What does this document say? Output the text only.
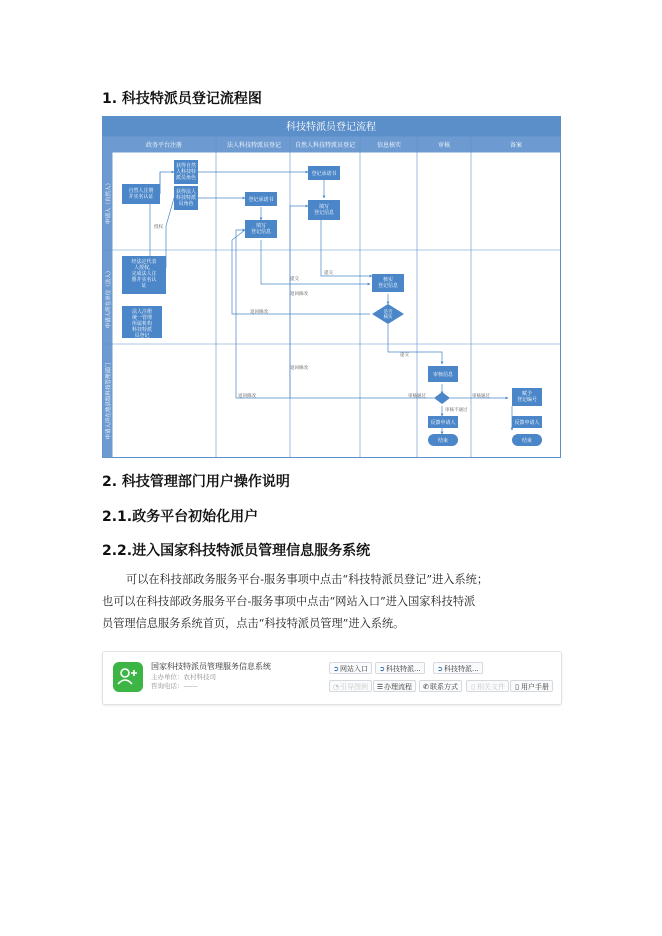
1. 科技特派员登记流程图
科技特派员登记流程
政务平台注册	法人科技特派员登记 自然人科技特派员登记	信息核实	审核	备案
申请人（自然人）
申请人所在单位（法人）
申请人所在地县级科技管理部门
自然人注册并实名认证
获得自然人科技特派员角色
获得法人科技特派员角色
登记承诺书
填写登记信息
登记承诺书
填写登记信息
经法定代表人授权，完成法人注册并实名认证
法人注册统一管理所属机构科技特派员登记
核实登记信息
是否核实
审核信息
反馈申请人
结束
赋予登记编号
反馈申请人
结束
授权
提交
提交
退回修改
退回修改
提交
退回修改
退回修改	审核通过
审核不通过
审核通过
2. 科技管理部门用户操作说明
2.1.政务平台初始化用户
2.2.进入国家科技特派员管理信息服务系统

可以在科技部政务服务平台-服务事项中点击“科技特派员登记”进入系统；

也可以在科技部政务服务平台-服务事项中点击“网站入口”进入国家科技特派

员管理信息服务系统首页，点击“科技特派员管理”进入系统。

国家科技特派员管理服务信息系统
主办单位：农村科技司
咨询电话：------
➲网站入口	➲科技特派...	➲科技特派...
◔引导图例	☰办理流程	✆联系方式	▯ 相关文件	▯ 用户手册
